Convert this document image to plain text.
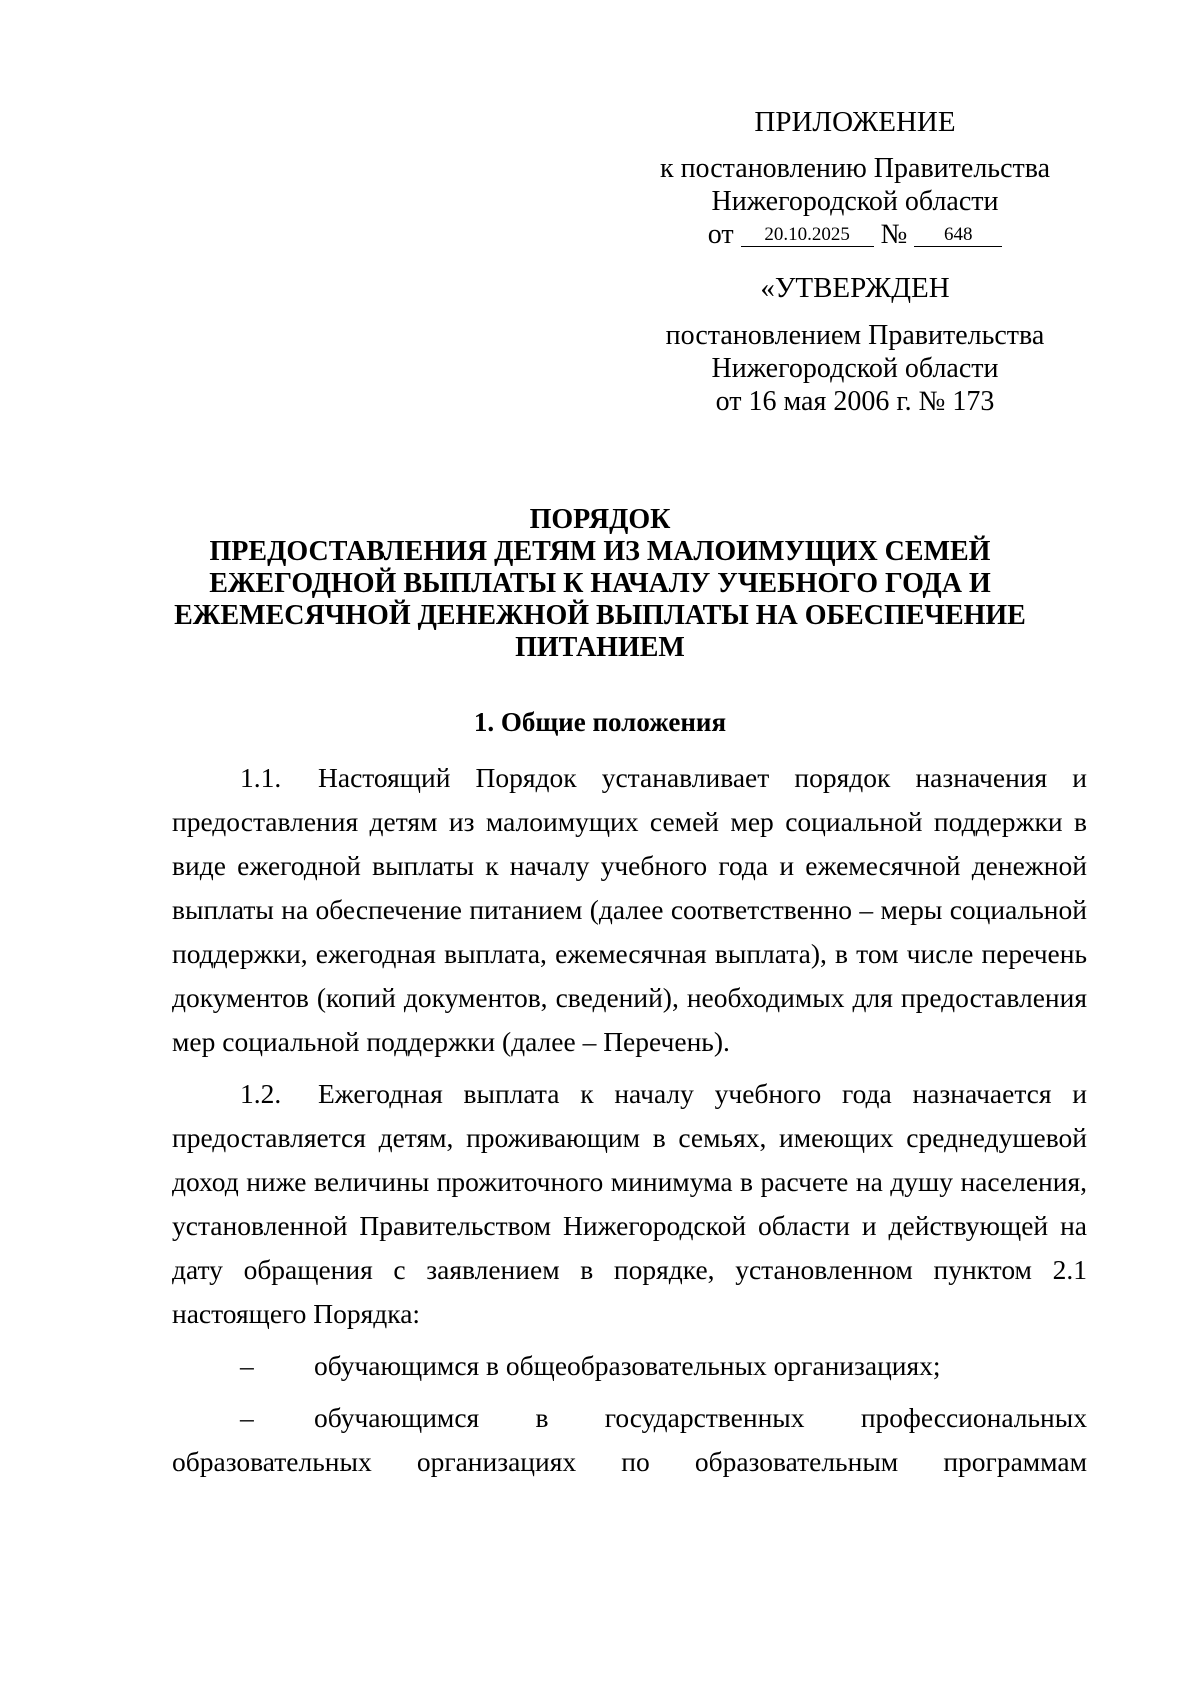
ПРИЛОЖЕНИЕ
к постановлению Правительства
Нижегородской области
от 20.10.2025 № 648
«УТВЕРЖДЕН
постановлением Правительства
Нижегородской области
от 16 мая 2006 г. № 173
ПОРЯДОК
ПРЕДОСТАВЛЕНИЯ ДЕТЯМ ИЗ МАЛОИМУЩИХ СЕМЕЙ
ЕЖЕГОДНОЙ ВЫПЛАТЫ К НАЧАЛУ УЧЕБНОГО ГОДА И
ЕЖЕМЕСЯЧНОЙ ДЕНЕЖНОЙ ВЫПЛАТЫ НА ОБЕСПЕЧЕНИЕ
ПИТАНИЕМ
1. Общие положения

1.1. Настоящий Порядок устанавливает порядок назначения и предоставления детям из малоимущих семей мер социальной поддержки в виде ежегодной выплаты к началу учебного года и ежемесячной денежной выплаты на обеспечение питанием (далее соответственно – меры социальной поддержки, ежегодная выплата, ежемесячная выплата), в том числе перечень документов (копий документов, сведений), необходимых для предоставления мер социальной поддержки (далее – Перечень).

1.2. Ежегодная выплата к началу учебного года назначается и предоставляется детям, проживающим в семьях, имеющих среднедушевой доход ниже величины прожиточного минимума в расчете на душу населения, установленной Правительством Нижегородской области и действующей на дату обращения с заявлением в порядке, установленном пунктом 2.1 настоящего Порядка:

– обучающимся в общеобразовательных организациях;

– обучающимся в государственных профессиональных

образовательных организациях по образовательным программам
